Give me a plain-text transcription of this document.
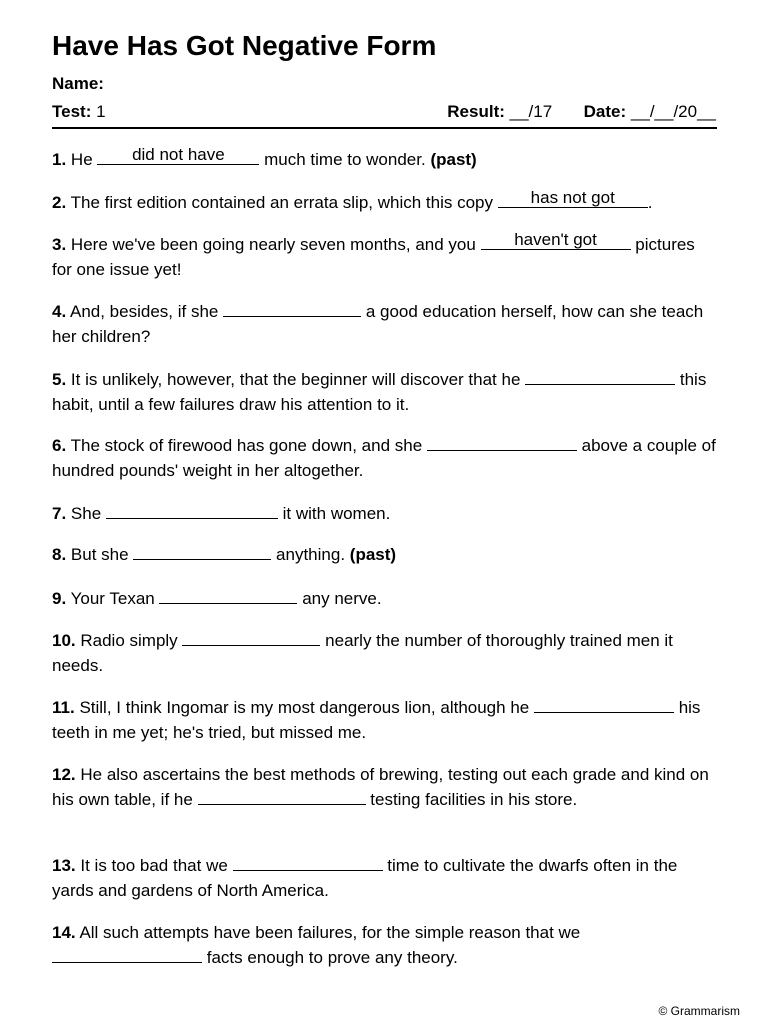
Have Has Got Negative Form
Name:
Test: 1	Result: __/17 Date: __/__/20__
1. He	did not have	much time to wonder. (past)
2. The first edition contained an errata slip, which this copy	has not got	.
3. Here we've been going nearly seven months, and you	haven't got	pictures for one issue yet!
4. And, besides, if she	a good education herself, how can she teach her children?
5. It is unlikely, however, that the beginner will discover that he	this habit, until a few failures draw his attention to it.
6. The stock of firewood has gone down, and she	above a couple of hundred pounds' weight in her altogether.
7. She	it with women.
8. But she	anything. (past)
9. Your Texan	any nerve.
10. Radio simply	nearly the number of thoroughly trained men it needs.
11. Still, I think Ingomar is my most dangerous lion, although he	his teeth in me yet; he's tried, but missed me.
12. He also ascertains the best methods of brewing, testing out each grade and kind on his own table, if he	testing facilities in his store.
13. It is too bad that we	time to cultivate the dwarfs often in the yards and gardens of North America.
14. All such attempts have been failures, for the simple reason that we
facts enough to prove any theory.
© Grammarism
